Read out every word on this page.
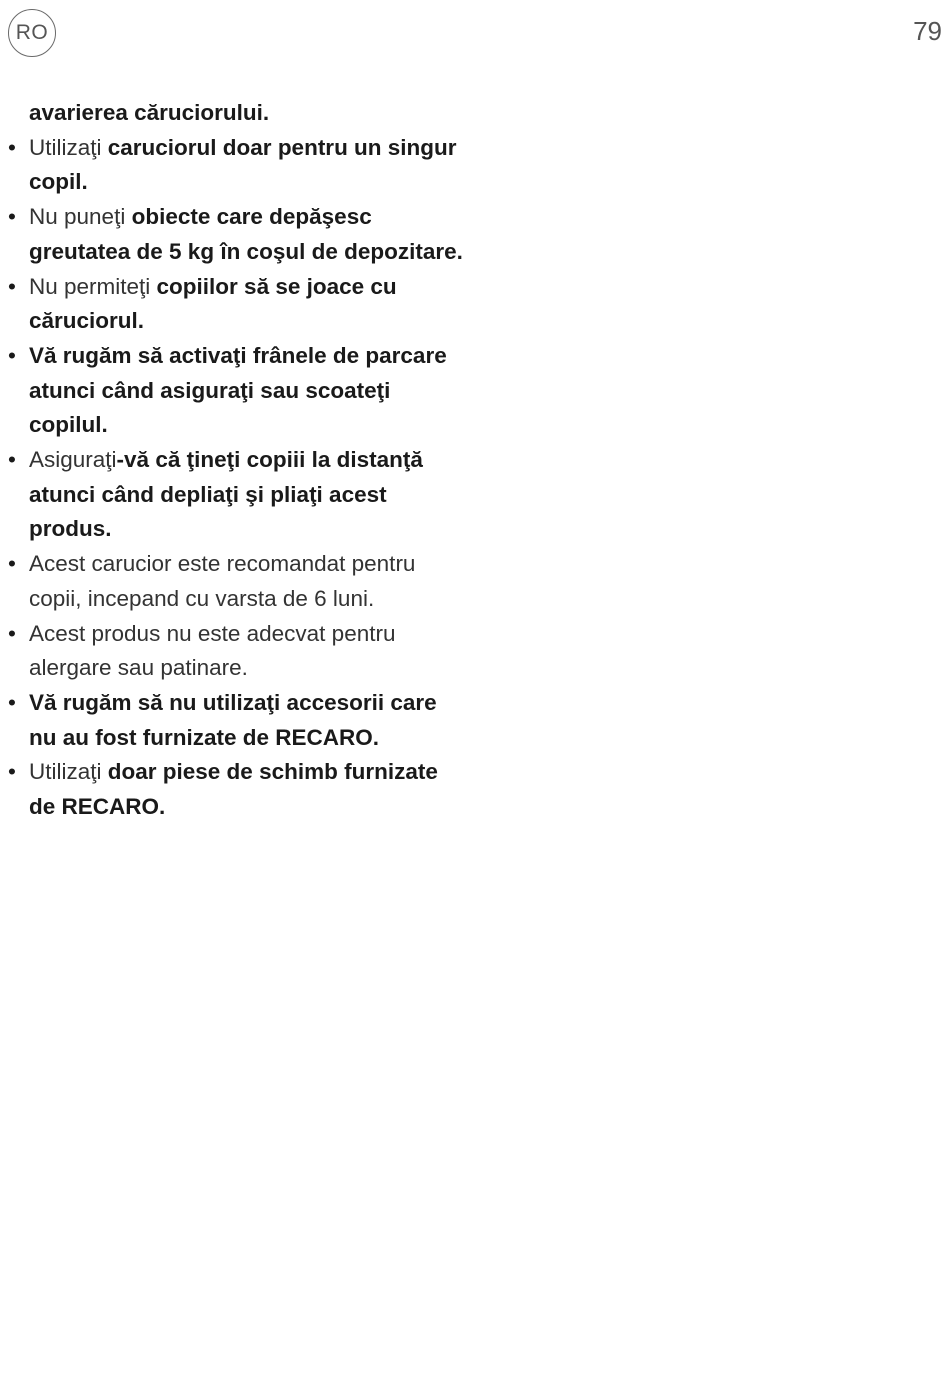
RO	79
avarierea căruciorului.
• Utilizaţi caruciorul doar pentru un singur copil.
• Nu puneţi obiecte care depăşesc greutatea de 5 kg în coşul de depozitare.
• Nu permiteţi copiilor să se joace cu căruciorul.
• Vă rugăm să activaţi frânele de parcare atunci când asiguraţi sau scoateţi copilul.
• Asiguraţi-vă că ţineţi copiii la distanţă atunci când depliaţi şi pliaţi acest produs.
• Acest carucior este recomandat pentru copii, incepand cu varsta de 6 luni.
• Acest produs nu este adecvat pentru alergare sau patinare.
• Vă rugăm să nu utilizaţi accesorii care nu au fost furnizate de RECARO.
• Utilizaţi doar piese de schimb furnizate de RECARO.
